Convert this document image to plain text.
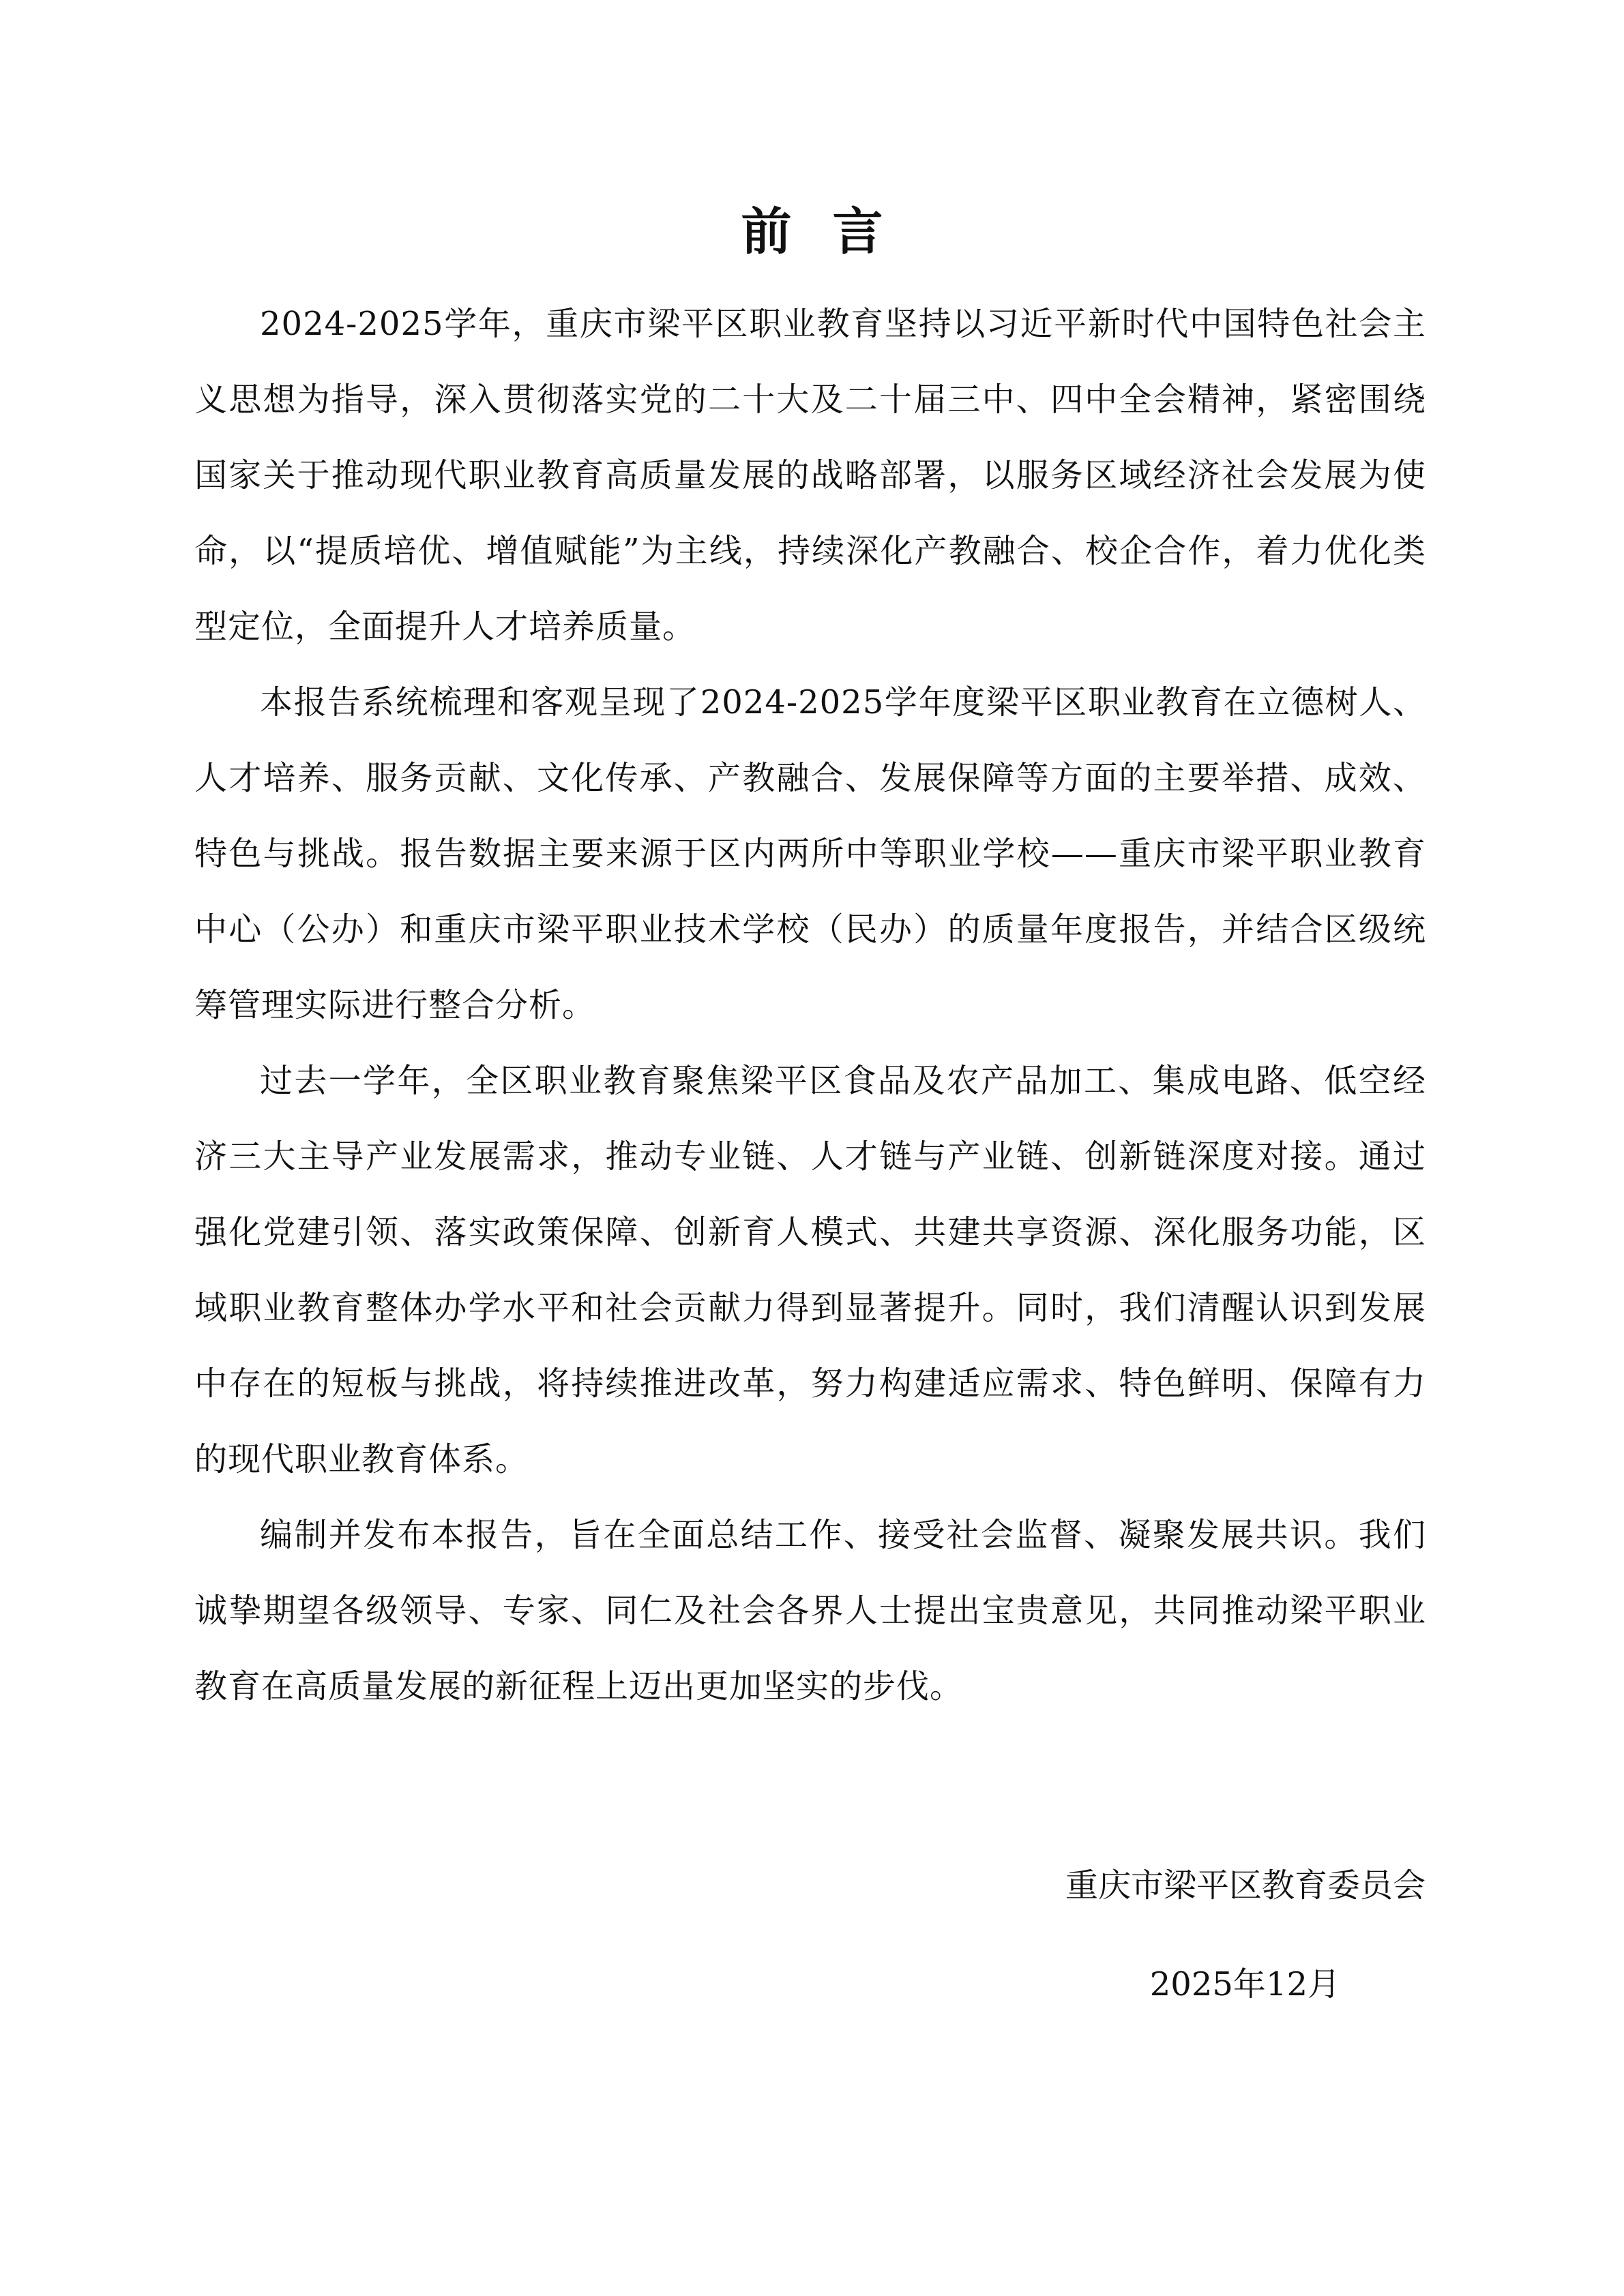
前言

2024-2025学年，重庆市梁平区职业教育坚持以习近平新时代中国特色社会主义思想为指导，深入贯彻落实党的二十大及二十届三中、四中全会精神，紧密围绕国家关于推动现代职业教育高质量发展的战略部署，以服务区域经济社会发展为使命，以“提质培优、增值赋能”为主线，持续深化产教融合、校企合作，着力优化类型定位，全面提升人才培养质量。

本报告系统梳理和客观呈现了2024-2025学年度梁平区职业教育在立德树人、人才培养、服务贡献、文化传承、产教融合、发展保障等方面的主要举措、成效、特色与挑战。报告数据主要来源于区内两所中等职业学校——重庆市梁平职业教育中心（公办）和重庆市梁平职业技术学校（民办）的质量年度报告，并结合区级统筹管理实际进行整合分析。

过去一学年，全区职业教育聚焦梁平区食品及农产品加工、集成电路、低空经济三大主导产业发展需求，推动专业链、人才链与产业链、创新链深度对接。通过强化党建引领、落实政策保障、创新育人模式、共建共享资源、深化服务功能，区域职业教育整体办学水平和社会贡献力得到显著提升。同时，我们清醒认识到发展中存在的短板与挑战，将持续推进改革，努力构建适应需求、特色鲜明、保障有力的现代职业教育体系。

编制并发布本报告，旨在全面总结工作、接受社会监督、凝聚发展共识。我们诚挚期望各级领导、专家、同仁及社会各界人士提出宝贵意见，共同推动梁平职业教育在高质量发展的新征程上迈出更加坚实的步伐。

重庆市梁平区教育委员会
2025年12月
